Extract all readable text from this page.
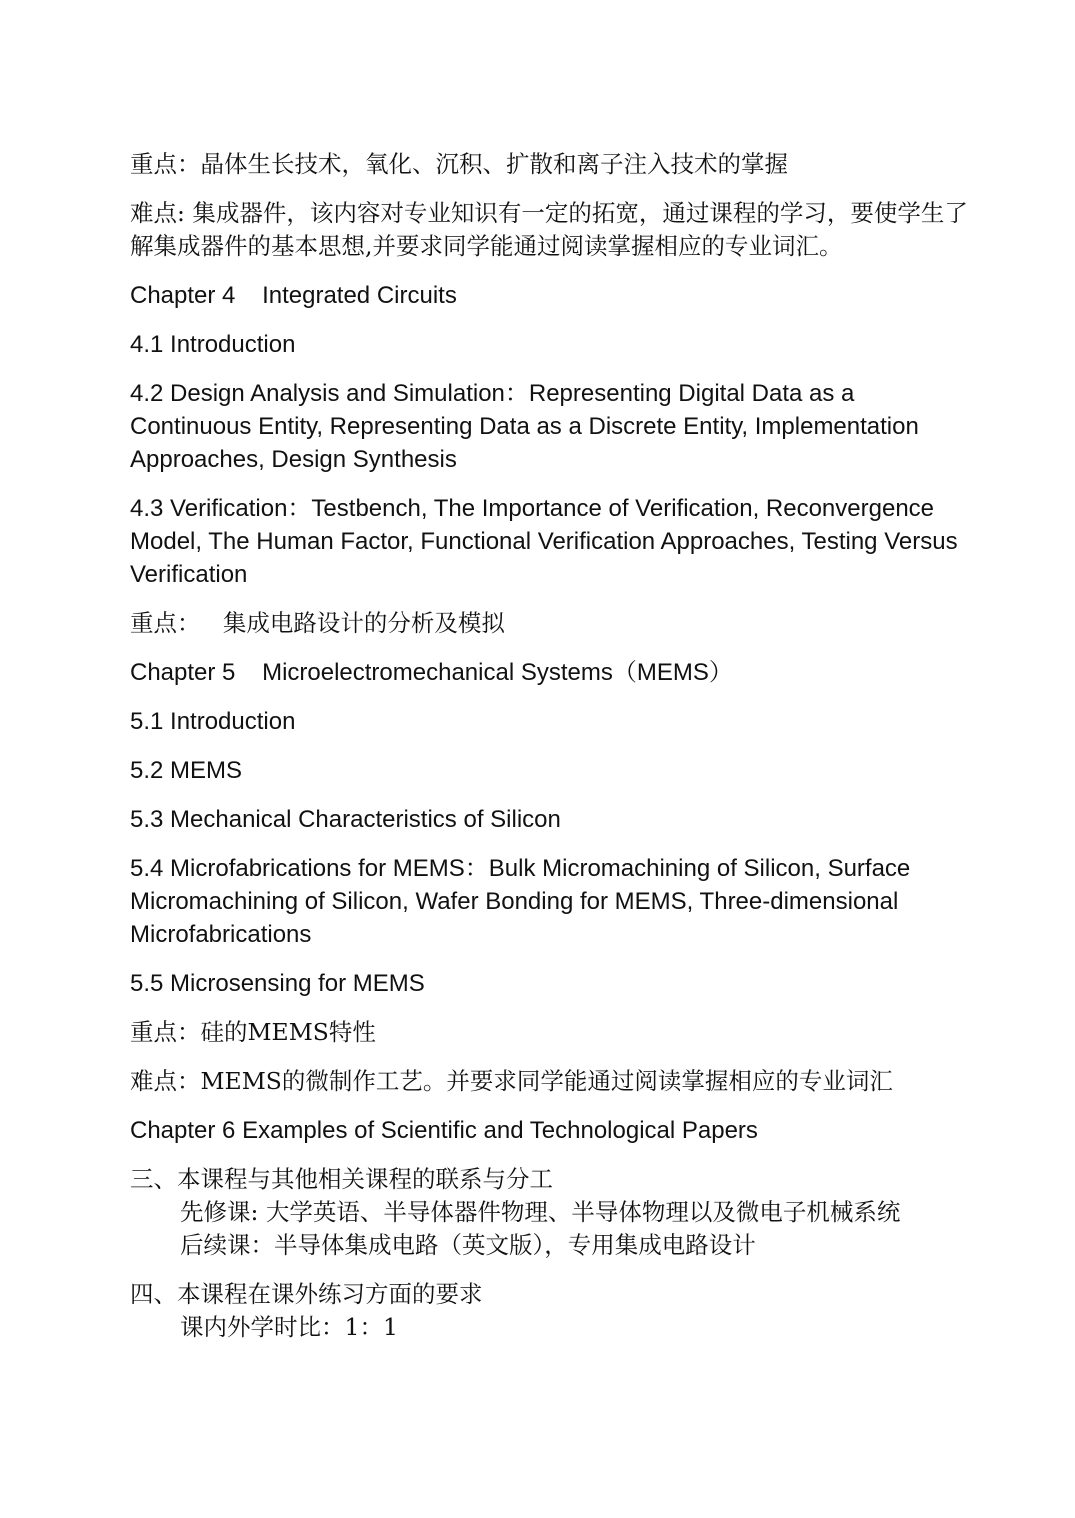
重点：晶体生长技术，氧化、沉积、扩散和离子注入技术的掌握

难点: 集成器件，该内容对专业知识有一定的拓宽，通过课程的学习，要使学生了解集成器件的基本思想,并要求同学能通过阅读掌握相应的专业词汇。

Chapter 4    Integrated Circuits

4.1 Introduction

4.2 Design Analysis and Simulation：Representing Digital Data as a Continuous Entity, Representing Data as a Discrete Entity, Implementation Approaches, Design Synthesis

4.3 Verification：Testbench, The Importance of Verification, Reconvergence Model, The Human Factor, Functional Verification Approaches, Testing Versus Verification

重点：   集成电路设计的分析及模拟

Chapter 5    Microelectromechanical Systems（MEMS）

5.1 Introduction

5.2 MEMS

5.3 Mechanical Characteristics of Silicon

5.4 Microfabrications for MEMS：Bulk Micromachining of Silicon, Surface Micromachining of Silicon, Wafer Bonding for MEMS, Three-dimensional Microfabrications

5.5 Microsensing for MEMS

重点：硅的MEMS特性

难点：MEMS的微制作工艺。并要求同学能通过阅读掌握相应的专业词汇

Chapter 6 Examples of Scientific and Technological Papers

三、本课程与其他相关课程的联系与分工

先修课: 大学英语、半导体器件物理、半导体物理以及微电子机械系统

后续课：半导体集成电路（英文版），专用集成电路设计

四、本课程在课外练习方面的要求

课内外学时比：1：1
